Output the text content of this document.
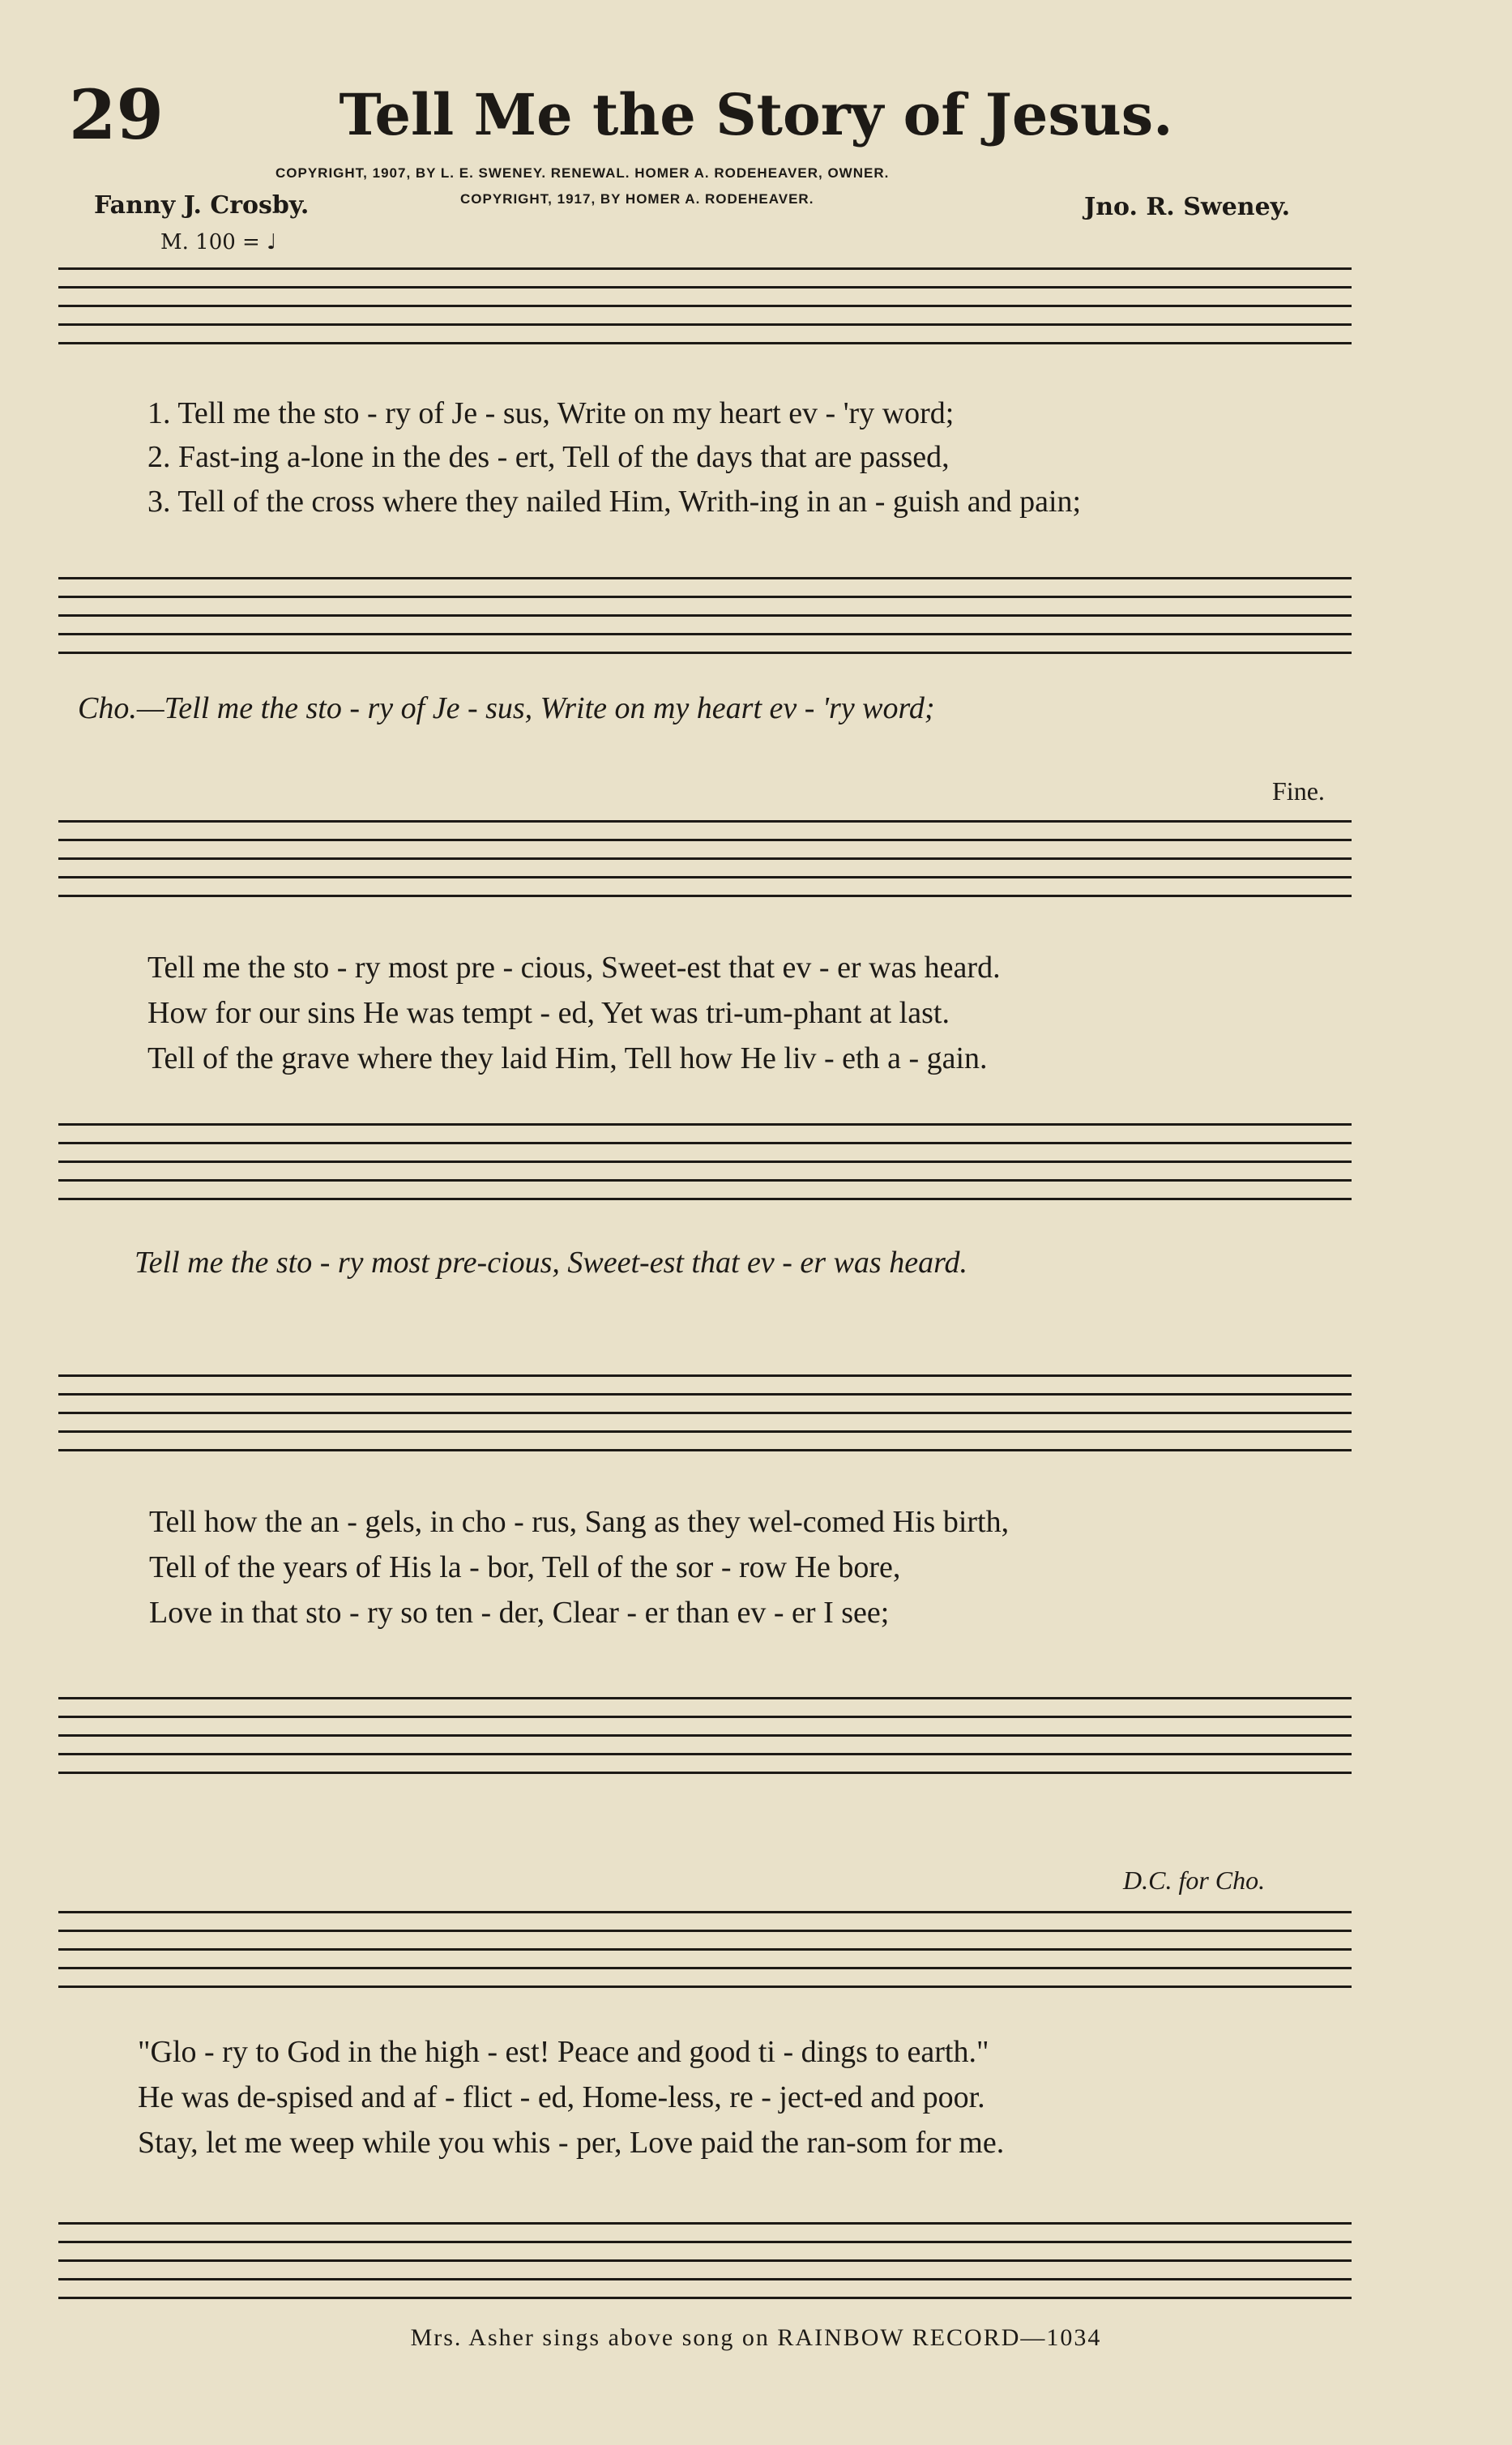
29	Tell Me the Story of Jesus.
COPYRIGHT, 1907, BY L. E. SWENEY. RENEWAL. HOMER A. RODEHEAVER, OWNER.
COPYRIGHT, 1917, BY HOMER A. RODEHEAVER.
Fanny J. Crosby.	Jno. R. Sweney.
M. 100 = ♩
1. Tell me the sto - ry of Je - sus, Write on my heart ev - 'ry word;
2. Fast-ing a-lone in the des - ert, Tell of the days that are passed,
3. Tell of the cross where they nailed Him, Writh-ing in an - guish and pain;
Cho.—Tell me the sto - ry of Je - sus, Write on my heart ev - 'ry word;
Fine.
Tell me the sto - ry most pre - cious, Sweet-est that ev - er was heard.
How for our sins He was tempt - ed, Yet was tri-um-phant at last.
Tell of the grave where they laid Him, Tell how He liv - eth a - gain.
Tell me the sto - ry most pre-cious, Sweet-est that ev - er was heard.
Tell how the an - gels, in cho - rus, Sang as they wel-comed His birth,
Tell of the years of His la - bor, Tell of the sor - row He bore,
Love in that sto - ry so ten - der, Clear - er than ev - er I see;
D.C. for Cho.
"Glo - ry to God in the high - est! Peace and good ti - dings to earth."
He was de-spised and af - flict - ed, Home-less, re - ject-ed and poor.
Stay, let me weep while you whis - per, Love paid the ran-som for me.
Mrs. Asher sings above song on RAINBOW RECORD—1034
